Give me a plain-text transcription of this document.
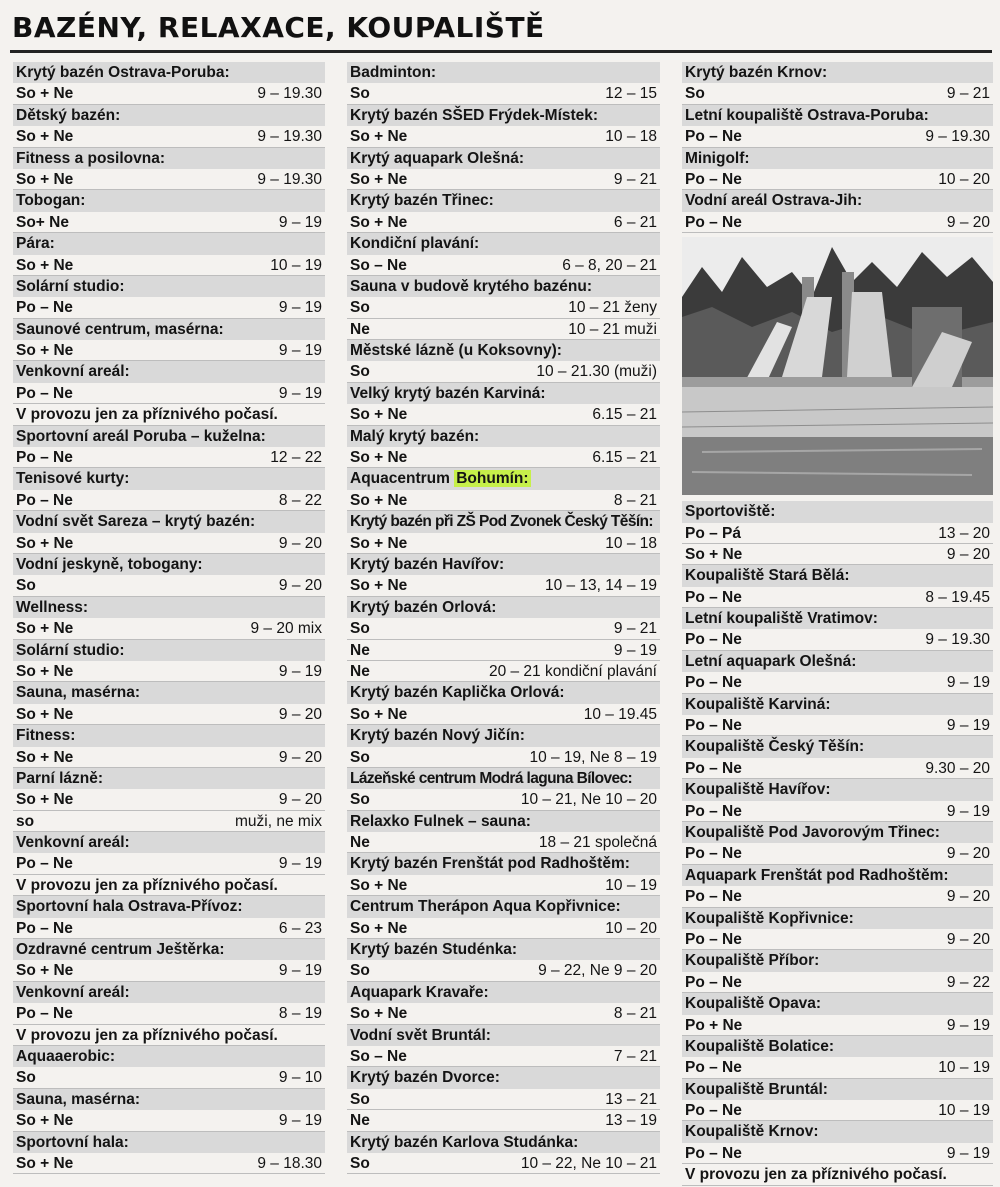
BAZÉNY, RELAXACE, KOUPALIŠTĚ
Krytý bazén Ostrava-Poruba:
So + Ne	9 – 19.30
Dětský bazén:
So + Ne	9 – 19.30
Fitness a posilovna:
So + Ne	9 – 19.30
Tobogan:
So+ Ne	9 – 19
Pára:
So + Ne	10 – 19
Solární studio:
Po – Ne	9 – 19
Saunové centrum, masérna:
So + Ne	9 – 19
Venkovní areál:
Po – Ne	9 – 19
V provozu jen za příznivého počasí.
Sportovní areál Poruba – kuželna:
Po – Ne	12 – 22
Tenisové kurty:
Po – Ne	8 – 22
Vodní svět Sareza – krytý bazén:
So + Ne	9 – 20
Vodní jeskyně, tobogany:
So	9 – 20
Wellness:
So + Ne	9 – 20 mix
Solární studio:
So + Ne	9 – 19
Sauna, masérna:
So + Ne	9 – 20
Fitness:
So + Ne	9 – 20
Parní lázně:
So + Ne	9 – 20
so	muži, ne mix
Venkovní areál:
Po – Ne	9 – 19
V provozu jen za příznivého počasí.
Sportovní hala Ostrava-Přívoz:
Po – Ne	6 – 23
Ozdravné centrum Ještěrka:
So + Ne	9 – 19
Venkovní areál:
Po – Ne	8 – 19
V provozu jen za příznivého počasí.
Aquaaerobic:
So	9 – 10
Sauna, masérna:
So + Ne	9 – 19
Sportovní hala:
So + Ne	9 – 18.30
Badminton:
So	12 – 15
Krytý bazén SŠED Frýdek-Místek:
So + Ne	10 – 18
Krytý aquapark Olešná:
So + Ne	9 – 21
Krytý bazén Třinec:
So + Ne	6 – 21
Kondiční plavání:
So – Ne	6 – 8, 20 – 21
Sauna v budově krytého bazénu:
So	10 – 21 ženy
Ne	10 – 21 muži
Městské lázně (u Koksovny):
So	10 – 21.30 (muži)
Velký krytý bazén Karviná:
So + Ne	6.15 – 21
Malý krytý bazén:
So + Ne	6.15 – 21
Aquacentrum Bohumín:
So + Ne	8 – 21
Krytý bazén při ZŠ Pod Zvonek Český Těšín:
So + Ne	10 – 18
Krytý bazén Havířov:
So + Ne	10 – 13, 14 – 19
Krytý bazén Orlová:
So	9 – 21
Ne	9 – 19
Ne	20 – 21 kondiční plavání
Krytý bazén Kaplička Orlová:
So + Ne	10 – 19.45
Krytý bazén Nový Jičín:
So	10 – 19, Ne 8 – 19
Lázeňské centrum Modrá laguna Bílovec:
So	10 – 21, Ne 10 – 20
Relaxko Fulnek – sauna:
Ne	18 – 21 společná
Krytý bazén Frenštát pod Radhoštěm:
So + Ne	10 – 19
Centrum Therápon Aqua Kopřivnice:
So + Ne	10 – 20
Krytý bazén Studénka:
So	9 – 22, Ne 9 – 20
Aquapark Kravaře:
So + Ne	8 – 21
Vodní svět Bruntál:
So – Ne	7 – 21
Krytý bazén Dvorce:
So	13 – 21
Ne	13 – 19
Krytý bazén Karlova Studánka:
So	10 – 22, Ne 10 – 21
Krytý bazén Krnov:
So	9 – 21
Letní koupaliště Ostrava-Poruba:
Po – Ne	9 – 19.30
Minigolf:
Po – Ne	10 – 20
Vodní areál Ostrava-Jih:
Po – Ne	9 – 20
Sportoviště:
Po – Pá	13 – 20
So + Ne	9 – 20
Koupaliště Stará Bělá:
Po – Ne	8 – 19.45
Letní koupaliště Vratimov:
Po – Ne	9 – 19.30
Letní aquapark Olešná:
Po – Ne	9 – 19
Koupaliště Karviná:
Po – Ne	9 – 19
Koupaliště Český Těšín:
Po – Ne	9.30 – 20
Koupaliště Havířov:
Po – Ne	9 – 19
Koupaliště Pod Javorovým Třinec:
Po – Ne	9 – 20
Aquapark Frenštát pod Radhoštěm:
Po – Ne	9 – 20
Koupaliště Kopřivnice:
Po – Ne	9 – 20
Koupaliště Příbor:
Po – Ne	9 – 22
Koupaliště Opava:
Po + Ne	9 – 19
Koupaliště Bolatice:
Po – Ne	10 – 19
Koupaliště Bruntál:
Po – Ne	10 – 19
Koupaliště Krnov:
Po – Ne	9 – 19
V provozu jen za příznivého počasí.
